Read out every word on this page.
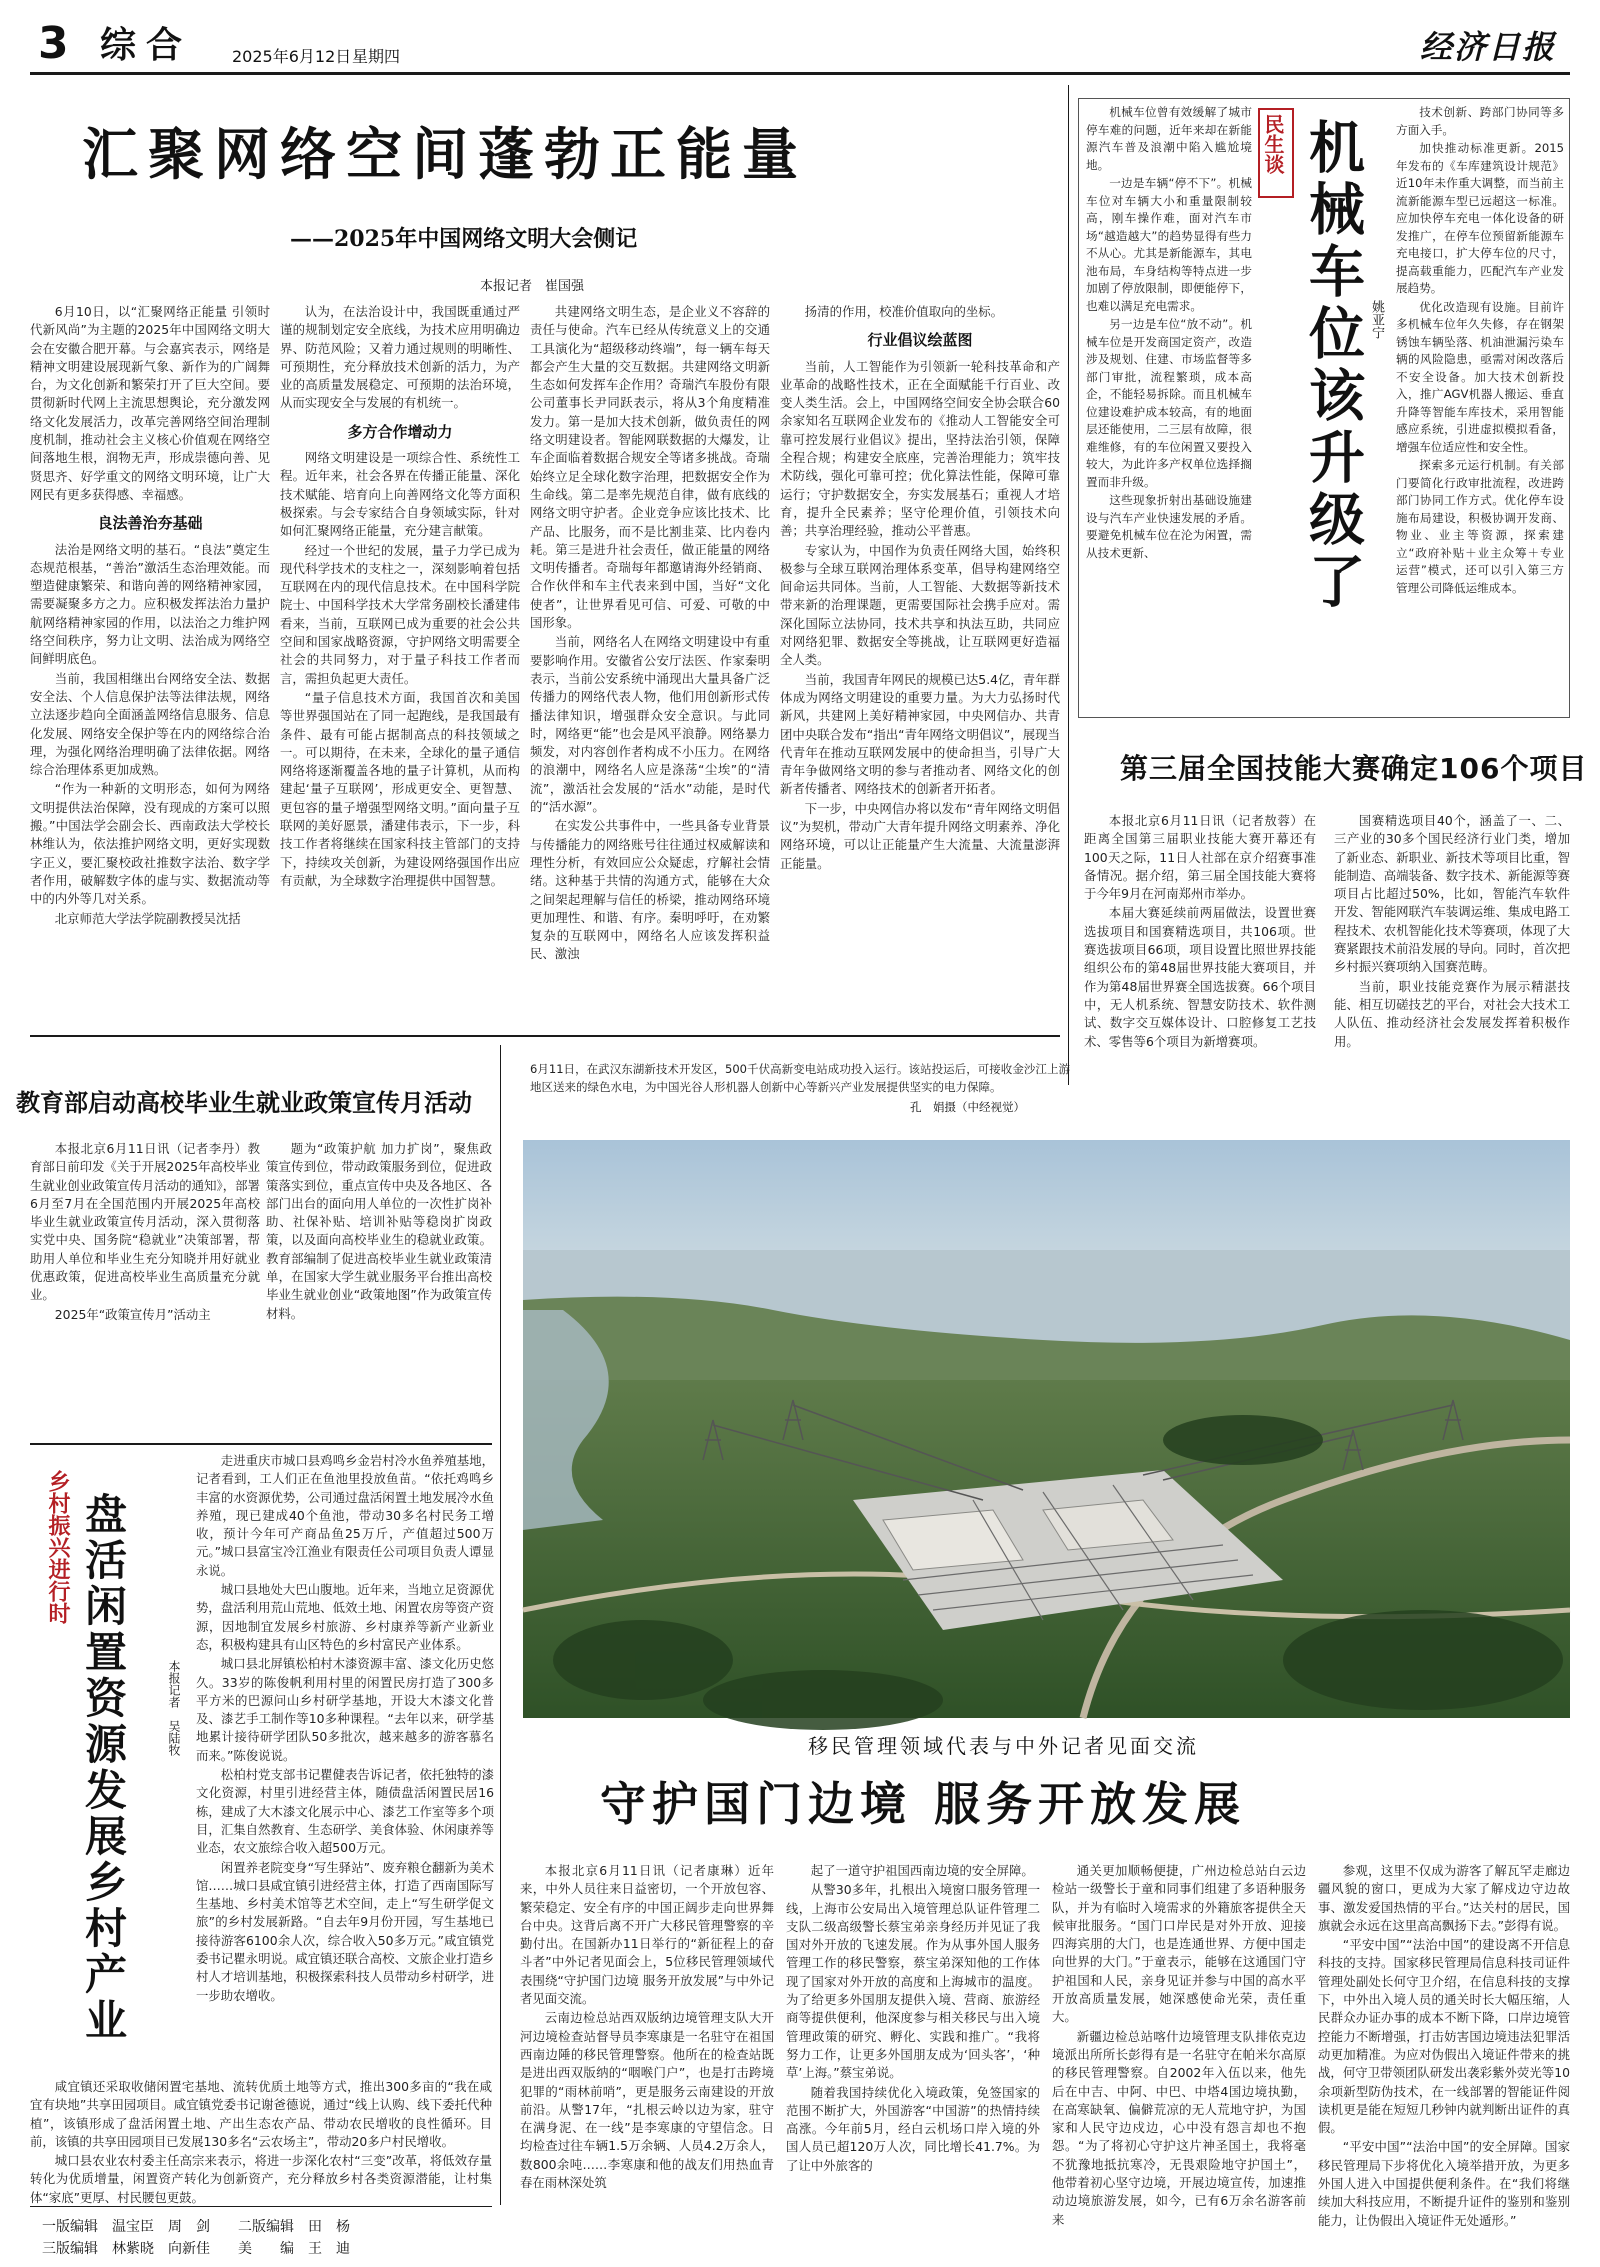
3 综合 2025年6月12日 星期四	经济日报
汇聚网络空间蓬勃正能量
——2025年中国网络文明大会侧记
本报记者　崔国强

6月10日，以“汇聚网络正能量 引领时代新风尚”为主题的2025年中国网络文明大会在安徽合肥开幕。与会嘉宾表示，网络是精神文明建设展现新气象、新作为的广阔舞台，为文化创新和繁荣打开了巨大空间。要贯彻新时代网上主流思想舆论，充分激发网络文化发展活力，改革完善网络空间治理制度机制，推动社会主义核心价值观在网络空间落地生根，润物无声，形成崇德向善、见贤思齐、好学重文的网络文明环境，让广大网民有更多获得感、幸福感。

良法善治夯基础

法治是网络文明的基石。“良法”奠定生态规范根基，“善治”激活生态治理效能。而塑造健康繁荣、和谐向善的网络精神家园，需要凝聚多方之力。应积极发挥法治力量护航网络精神家园的作用，以法治之力维护网络空间秩序，努力让文明、法治成为网络空间鲜明底色。

当前，我国相继出台网络安全法、数据安全法、个人信息保护法等法律法规，网络立法逐步趋向全面涵盖网络信息服务、信息化发展、网络安全保护等在内的网络综合治理，为强化网络治理明确了法律依据。网络综合治理体系更加成熟。

“作为一种新的文明形态，如何为网络文明提供法治保障，没有现成的方案可以照搬。”中国法学会副会长、西南政法大学校长林维认为，依法推护网络文明，更好实现数字正义，要汇聚校政社推数字法治、数字学者作用，破解数字体的虚与实、数据流动等中的内外等几对关系。

北京师范大学法学院副教授吴沈括

认为，在法治设计中，我国既重通过严谨的规制划定安全底线，为技术应用明确边界、防范风险；又着力通过规则的明晰性、可预期性，充分释放技术创新的活力，为产业的高质量发展稳定、可预期的法治环境，从而实现安全与发展的有机统一。

多方合作增动力

网络文明建设是一项综合性、系统性工程。近年来，社会各界在传播正能量、深化技术赋能、培育向上向善网络文化等方面积极探索。与会专家结合自身领域实际，针对如何汇聚网络正能量，充分建言献策。

经过一个世纪的发展，量子力学已成为现代科学技术的支柱之一，深刻影响着包括互联网在内的现代信息技术。在中国科学院院士、中国科学技术大学常务副校长潘建伟看来，当前，互联网已成为重要的社会公共空间和国家战略资源，守护网络文明需要全社会的共同努力，对于量子科技工作者而言，需担负起更大责任。

“量子信息技术方面，我国首次和美国等世界强国站在了同一起跑线，是我国最有条件、最有可能占据制高点的科技领域之一。可以期待，在未来，全球化的量子通信网络将逐渐覆盖各地的量子计算机，从而构建起‘量子互联网’，形成更安全、更智慧、更包容的量子增强型网络文明。”面向量子互联网的美好愿景，潘建伟表示，下一步，科技工作者将继续在国家科技主管部门的支持下，持续攻关创新，为建设网络强国作出应有贡献，为全球数字治理提供中国智慧。

共建网络文明生态，是企业义不容辞的责任与使命。汽车已经从传统意义上的交通工具演化为“超级移动终端”，每一辆车每天都会产生大量的交互数据。共建网络文明新生态如何发挥车企作用？奇瑞汽车股份有限公司董事长尹同跃表示，将从3个角度精准发力。第一是加大技术创新，做负责任的网络文明建设者。智能网联数据的大爆发，让车企面临着数据合规安全等诸多挑战。奇瑞始终立足全球化数字治理，把数据安全作为生命线。第二是率先规范自律，做有底线的网络文明守护者。企业竞争应该比技术、比产品、比服务，而不是比割韭菜、比内卷内耗。第三是进升社会责任，做正能量的网络文明传播者。奇瑞每年都邀请海外经销商、合作伙伴和车主代表来到中国，当好“文化使者”，让世界看见可信、可爱、可敬的中国形象。

当前，网络名人在网络文明建设中有重要影响作用。安徽省公安厅法医、作家秦明表示，当前公安系统中涌现出大量具备广泛传播力的网络代表人物，他们用创新形式传播法律知识，增强群众安全意识。与此同时，网络更“能”也会是风平浪静。网络暴力频发，对内容创作者构成不小压力。在网络的浪潮中，网络名人应是涤荡“尘埃”的“清流”，激活社会发展的“活水”动能，是时代的“活水源”。

在实发公共事件中，一些具备专业背景与传播能力的网络账号往往通过权威解读和理性分析，有效回应公众疑虑，疗解社会情绪。这种基于共情的沟通方式，能够在大众之间架起理解与信任的桥梁，推动网络环境更加理性、和谐、有序。秦明呼吁，在劝繁复杂的互联网中，网络名人应该发挥积益民、激浊

扬清的作用，校准价值取向的坐标。

行业倡议绘蓝图

当前，人工智能作为引领新一轮科技革命和产业革命的战略性技术，正在全面赋能千行百业、改变人类生活。会上，中国网络空间安全协会联合60余家知名互联网企业发布的《推动人工智能安全可靠可控发展行业倡议》提出，坚持法治引领，保障全程合规；构建安全底座，完善治理能力；筑牢技术防线，强化可靠可控；优化算法性能，保障可靠运行；守护数据安全，夯实发展基石；重视人才培育，提升全民素养；坚守伦理价值，引领技术向善；共享治理经验，推动公平普惠。

专家认为，中国作为负责任网络大国，始终积极参与全球互联网治理体系变革，倡导构建网络空间命运共同体。当前，人工智能、大数据等新技术带来新的治理课题，更需要国际社会携手应对。需深化国际立法协同，技术共享和执法互助，共同应对网络犯罪、数据安全等挑战，让互联网更好造福全人类。

当前，我国青年网民的规模已达5.4亿，青年群体成为网络文明建设的重要力量。为大力弘扬时代新风，共建网上美好精神家园，中央网信办、共青团中央联合发布“指出“青年网络文明倡议”，展现当代青年在推动互联网发展中的使命担当，引导广大青年争做网络文明的参与者推动者、网络文化的创新者传播者、网络技术的创新者开拓者。

下一步，中央网信办将以发布“青年网络文明倡议”为契机，带动广大青年提升网络文明素养、净化网络环境，可以让正能量产生大流量、大流量澎湃正能量。

民生谈 机械车位该升级了 姚亚宁

机械车位曾有效缓解了城市停车难的问题，近年来却在新能源汽车普及浪潮中陷入尴尬境地。

一边是车辆“停不下”。机械车位对车辆大小和重量限制较高，刚车操作难，面对汽车市场“越造越大”的趋势显得有些力不从心。尤其是新能源车，其电池布局，车身结构等特点进一步加剧了停放限制，即便能停下，也难以满足充电需求。

另一边是车位“放不动”。机械车位是开发商国定资产，改造涉及规划、住建、市场监督等多部门审批，流程繁琐，成本高企，不能轻易拆除。而且机械车位建设难护成本较高，有的地面层还能使用，二三层有故障，很难维修，有的车位闲置又要投入较大，为此许多产权单位选择搁置而非升级。

这些现象折射出基础设施建设与汽车产业快速发展的矛盾。要避免机械车位在沦为闲置，需从技术更新、

技术创新、跨部门协同等多方面入手。

加快推动标准更新。2015年发布的《车库建筑设计规范》近10年未作重大调整，而当前主流新能源车型已远超这一标准。应加快停车充电一体化设备的研发推广，在停车位预留新能源车充电接口，扩大停车位的尺寸，提高载重能力，匹配汽车产业发展趋势。

优化改造现有设施。目前许多机械车位年久失修，存在钢架锈蚀车辆坠落、机油泄漏污染车辆的风险隐患，亟需对闲改落后不安全设备。加大技术创新投入，推广AGV机器人搬运、垂直升降等智能车库技术，采用智能感应系统，引进虚拟模拟看备，增强车位适应性和安全性。

探索多元运行机制。有关部门要简化行政审批流程，改进跨部门协同工作方式。优化停车设施布局建设，积极协调开发商、物业、业主等资源，探索建立“政府补贴＋业主众筹＋专业运营”模式，还可以引入第三方管理公司降低运维成本。

第三届全国技能大赛确定106个项目

本报北京6月11日讯（记者敖蓉）在距离全国第三届职业技能大赛开幕还有100天之际，11日人社部在京介绍赛事准备情况。据介绍，第三届全国技能大赛将于今年9月在河南郑州市举办。

本届大赛延续前两届做法，设置世赛选拔项目和国赛精选项目，共106项。世赛选拔项目66项，项目设置比照世界技能组织公布的第48届世界技能大赛项目，并作为第48届世界赛全国选拔赛。66个项目中，无人机系统、智慧安防技术、软件测试、数字交互媒体设计、口腔修复工艺技术、零售等6个项目为新增赛项。

国赛精选项目40个，涵盖了一、二、三产业的30多个国民经济行业门类，增加了新业态、新职业、新技术等项目比重，智能制造、高端装备、数字技术、新能源等赛项目占比超过50%，比如，智能汽车软件开发、智能网联汽车装调运维、集成电路工程技术、农机智能化技术等赛项，体现了大赛紧跟技术前沿发展的导向。同时，首次把乡村振兴赛项纳入国赛范畴。

当前，职业技能竞赛作为展示精湛技能、相互切磋技艺的平台，对社会大技术工人队伍、推动经济社会发展发挥着积极作用。

教育部启动高校毕业生就业政策宣传月活动

本报北京6月11日讯（记者李丹）教育部日前印发《关于开展2025年高校毕业生就业创业政策宣传月活动的通知》，部署6月至7月在全国范围内开展2025年高校毕业生就业政策宣传月活动，深入贯彻落实党中央、国务院“稳就业”决策部署，帮助用人单位和毕业生充分知晓并用好就业优惠政策，促进高校毕业生高质量充分就业。

2025年“政策宣传月”活动主

题为“政策护航 加力扩岗”，聚焦政策宣传到位，带动政策服务到位，促进政策落实到位，重点宣传中央及各地区、各部门出台的面向用人单位的一次性扩岗补助、社保补贴、培训补贴等稳岗扩岗政策，以及面向高校毕业生的稳就业政策。教育部编制了促进高校毕业生就业政策清单，在国家大学生就业服务平台推出高校毕业生就业创业“政策地图”作为政策宣传材料。

6月11日，在武汉东湖新技术开发区，500千伏高新变电站成功投入运行。该站投运后，可接收金沙江上游地区送来的绿色水电，为中国光谷人形机器人创新中心等新兴产业发展提供坚实的电力保障。
孔　娟摄（中经视觉）
乡村振兴进行时 盘活闲置资源发展乡村产业	本报记者　吴陆牧

走进重庆市城口县鸡鸣乡金岩村冷水鱼养殖基地，记者看到，工人们正在鱼池里投放鱼苗。“依托鸡鸣乡丰富的水资源优势，公司通过盘活闲置土地发展冷水鱼养殖，现已建成40个鱼池，带动30多名村民务工增收，预计今年可产商品鱼25万斤，产值超过500万元。”城口县富宝冷江渔业有限责任公司项目负责人谭显永说。

城口县地处大巴山腹地。近年来，当地立足资源优势，盘活利用荒山荒地、低效土地、闲置农房等资产资源，因地制宜发展乡村旅游、乡村康养等新产业新业态，积极构建具有山区特色的乡村富民产业体系。

城口县北屏镇松柏村木漆资源丰富、漆文化历史悠久。33岁的陈俊帆利用村里的闲置民房打造了300多平方米的巴源问山乡村研学基地，开设大木漆文化普及、漆艺手工制作等10多种课程。“去年以来，研学基地累计接待研学团队50多批次，越来越多的游客慕名而来。”陈俊说说。

松柏村党支部书记瞿健表告诉记者，依托独特的漆文化资源，村里引进经营主体，随债盘活闲置民居16栋，建成了大木漆文化展示中心、漆艺工作室等多个项目，汇集自然教育、生态研学、美食体验、休闲康养等业态，农文旅综合收入超500万元。

闲置养老院变身“写生驿站”、废弃粮仓翻新为美术馆……城口县咸宜镇引进经营主体，打造了西南国际写生基地、乡村美术馆等艺术空间，走上“写生研学促文旅”的乡村发展新路。“自去年9月份开园，写生基地已接待游客6100余人次，综合收入50多万元。”咸宜镇党委书记瞿永明说。咸宜镇还联合高校、文旅企业打造乡村人才培训基地，积极探索科技人员带动乡村研学，进一步助农增收。

咸宜镇还采取收储闲置宅基地、流转优质土地等方式，推出300多亩的“我在咸宜有块地”共享田园项目。咸宜镇党委书记谢爸德说，通过“线上认购、线下委托代种植”，该镇形成了盘活闲置土地、产出生态农产品、带动农民增收的良性循环。目前，该镇的共享田园项目已发展130多名“云农场主”，带动20多户村民增收。

城口县农业农村委主任高宗来表示，将进一步深化农村“三变”改革，将低效存量转化为优质增量，闲置资产转化为创新资产，充分释放乡村各类资源潜能，让村集体“家底”更厚、村民腰包更鼓。

移民管理领域代表与中外记者见面交流
守护国门边境 服务开放发展

本报北京6月11日讯（记者康琳）近年来，中外人员往来日益密切，一个开放包容、繁荣稳定、安全有序的中国正阔步走向世界舞台中央。这背后离不开广大移民管理警察的辛勤付出。在国新办11日举行的“新征程上的奋斗者”中外记者见面会上，5位移民管理领域代表围绕“守护国门边境 服务开放发展”与中外记者见面交流。

云南边检总站西双版纳边境管理支队大开河边境检查站督导员李寒康是一名驻守在祖国西南边陲的移民管理警察。他所在的检查站既是进出西双版纳的“咽喉门户”，也是打击跨境犯罪的“雨林前哨”，更是服务云南建设的开放前沿。从警17年，“扎根云岭以边为家，驻守在满身泥、在一线”是李寒康的守望信念。日均检查过往车辆1.5万余辆、人员4.2万余人，数800余吨……李寒康和他的战友们用热血青春在雨林深处筑

起了一道守护祖国西南边境的安全屏障。

从警30多年，扎根出入境窗口服务管理一线，上海市公安局出入境管理总队证件管理二支队二级高级警长蔡宝弟亲身经历并见证了我国对外开放的飞速发展。作为从事外国人服务管理工作的移民警察，蔡宝弟深知他的工作体现了国家对外开放的高度和上海城市的温度。为了给更多外国朋友提供入境、营商、旅游经商等提供便利，他深度参与相关移民与出入境管理政策的研究、孵化、实践和推广。“我将努力工作，让更多外国朋友成为‘回头客’，‘种草’上海。”蔡宝弟说。

随着我国持续优化入境政策，免签国家的范围不断扩大，外国游客“中国游”的热情持续高涨。今年前5月，经白云机场口岸入境的外国人员已超120万人次，同比增长41.7%。为了让中外旅客的

通关更加顺畅便捷，广州边检总站白云边检站一级警长于童和同事们组建了多语种服务队，并为有临时入境需求的外籍旅客提供全天候审批服务。“国门口岸民是对外开放、迎接四海宾朋的大门，也是连通世界、方便中国走向世界的大门。”于童表示，能够在这通国门守护祖国和人民，亲身见证并参与中国的高水平开放高质量发展，她深感使命光荣，责任重大。

新疆边检总站喀什边境管理支队排依克边境派出所所长彭得有是一名驻守在帕米尔高原的移民管理警察。自2002年入伍以来，他先后在中吉、中阿、中巴、中塔4国边境执勤，在高寒缺氧、偏僻荒凉的无人荒地守护，为国家和人民守边戍边，心中没有怨言却也不抱怨。“为了将初心守护这片神圣国土，我将毫不犹豫地抵抗寒冷，无畏艰险地守护国土”，他带着初心坚守边境，开展边境宣传，加速推动边境旅游发展，如今，已有6万余名游客前来

参观，这里不仅成为游客了解瓦罕走廊边疆风貌的窗口，更成为大家了解戍边守边故事、激发爱国热情的平台。”达关村的居民，国旗就会永远在这里高高飘扬下去。”彭得有说。

“平安中国”“法治中国”的建设离不开信息科技的支持。国家移民管理局信息科技司证件管理处副处长何守卫介绍，在信息科技的支撑下，中外出入境人员的通关时长大幅压缩，人民群众办证办事的成本不断下降，口岸边境管控能力不断增强，打击妨害国边境违法犯罪活动更加精准。为应对伪假出入境证件带来的挑战，何守卫带领团队研发出袭彩紫外荧光等10余项新型防伪技术，在一线部署的智能证件阅读机更是能在短短几秒钟内就判断出证件的真假。

“平安中国”“法治中国”的安全屏障。国家移民管理局下步将优化入境举措开放，为更多外国人进入中国提供便利条件。在“我们将继续加大科技应用，不断提升证件的鉴别和鉴别能力，让伪假出入境证件无处遁形。”

一版编辑　温宝臣　周　剑　　二版编辑　田　杨
三版编辑　林紫晓　向新佳　　美　　编　王　迪
